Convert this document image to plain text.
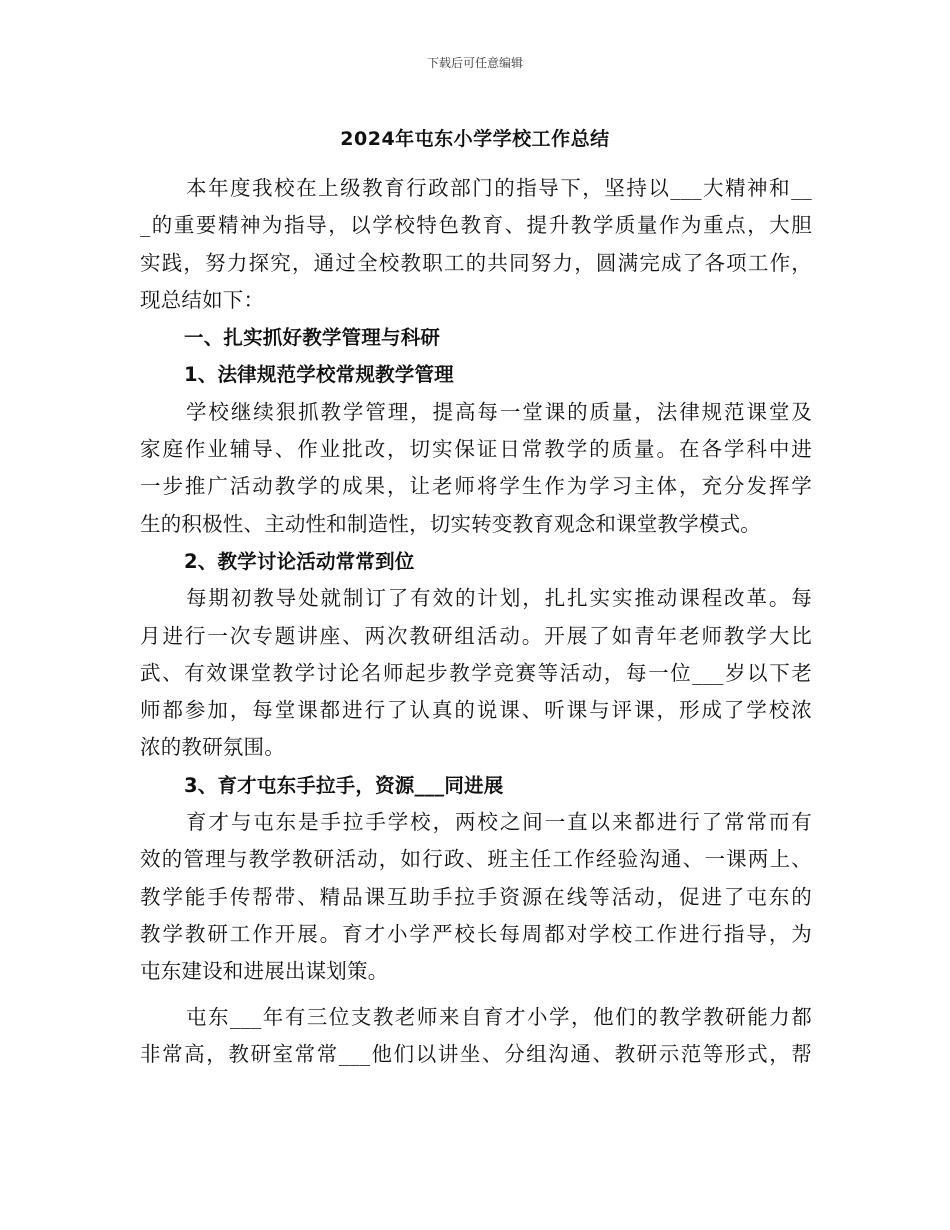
下载后可任意编辑
2024年屯东小学学校工作总结
本年度我校在上级教育行政部门的指导下，坚持以___大精神和__
_的重要精神为指导，以学校特色教育、提升教学质量作为重点，大胆
实践，努力探究，通过全校教职工的共同努力，圆满完成了各项工作，
现总结如下：
一、扎实抓好教学管理与科研
1、法律规范学校常规教学管理
学校继续狠抓教学管理，提高每一堂课的质量，法律规范课堂及
家庭作业辅导、作业批改，切实保证日常教学的质量。在各学科中进
一步推广活动教学的成果，让老师将学生作为学习主体，充分发挥学
生的积极性、主动性和制造性，切实转变教育观念和课堂教学模式。
2、教学讨论活动常常到位
每期初教导处就制订了有效的计划，扎扎实实推动课程改革。每
月进行一次专题讲座、两次教研组活动。开展了如青年老师教学大比
武、有效课堂教学讨论名师起步教学竞赛等活动，每一位___岁以下老
师都参加，每堂课都进行了认真的说课、听课与评课，形成了学校浓
浓的教研氛围。
3、育才屯东手拉手，资源___同进展
育才与屯东是手拉手学校，两校之间一直以来都进行了常常而有
效的管理与教学教研活动，如行政、班主任工作经验沟通、一课两上、
教学能手传帮带、精品课互助手拉手资源在线等活动，促进了屯东的
教学教研工作开展。育才小学严校长每周都对学校工作进行指导，为
屯东建设和进展出谋划策。
屯东___年有三位支教老师来自育才小学，他们的教学教研能力都
非常高，教研室常常___他们以讲坐、分组沟通、教研示范等形式，帮
